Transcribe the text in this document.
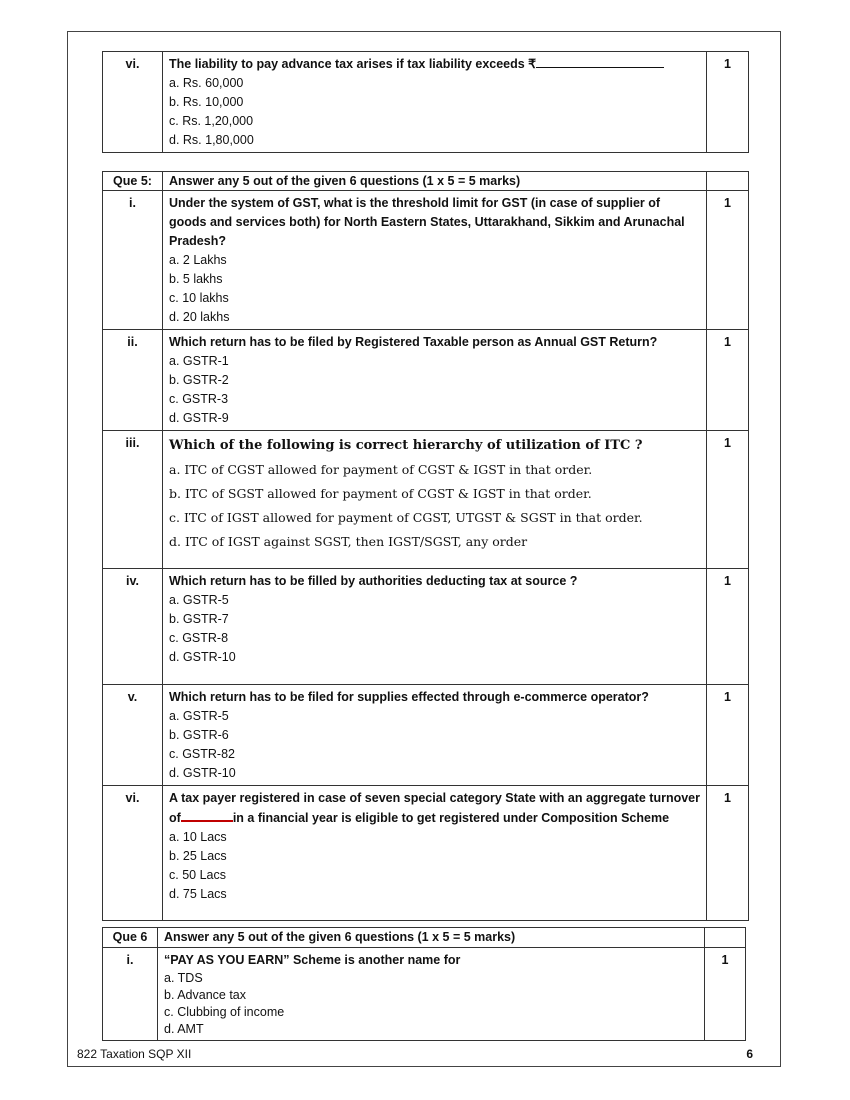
vi.	The liability to pay advance tax arises if tax liability exceeds ₹
a. Rs. 60,000
b. Rs. 10,000
c. Rs. 1,20,000
d. Rs. 1,80,000
	1
Que 5:	Answer any 5 out of the given 6 questions (1 x 5 = 5 marks)	
i.	Under the system of GST, what is the threshold limit for GST (in case of supplier of goods and services both) for North Eastern States, Uttarakhand, Sikkim and Arunachal Pradesh?
a. 2 Lakhs
b. 5 lakhs
c. 10 lakhs
d. 20 lakhs	1
ii.	Which return has to be filed by Registered Taxable person as Annual GST Return?
a. GSTR-1
b. GSTR-2
c. GSTR-3
d. GSTR-9	1
iii.	Which of the following is correct hierarchy of utilization of ITC ?
a. ITC of CGST allowed for payment of CGST & IGST in that order.
b. ITC of SGST allowed for payment of CGST & IGST in that order.
c. ITC of IGST allowed for payment of CGST, UTGST & SGST in that order.
d. ITC of IGST against SGST, then IGST/SGST, any order	1
iv.	Which return has to be filled by authorities deducting tax at source ?
a. GSTR-5
b. GSTR-7
c. GSTR-8
d. GSTR-10	1
v.	Which return has to be filed for supplies effected through e-commerce operator?
a. GSTR-5
b. GSTR-6
c. GSTR-82
d. GSTR-10	1
vi.	A tax payer registered in case of seven special category State with an aggregate turnover of in a financial year is eligible to get registered under Composition Scheme
a. 10 Lacs
b. 25 Lacs
c. 50 Lacs
d. 75 Lacs	1
Que 6	Answer any 5 out of the given 6 questions (1 x 5 = 5 marks)	
i.	“PAY AS YOU EARN” Scheme is another name for
a. TDS
b. Advance tax
c. Clubbing of income
d. AMT	1
822 Taxation SQP XII	6
